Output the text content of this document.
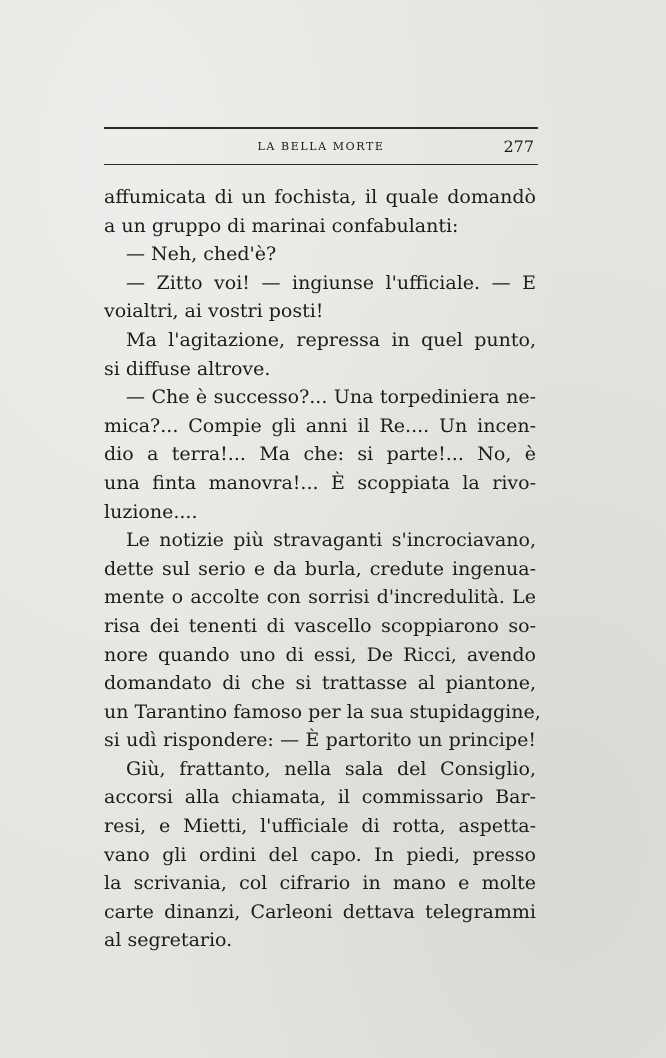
LA BELLA MORTE	277
affumicata di un fochista, il quale domandò
a un gruppo di marinai confabulanti:
— Neh, ched'è?
— Zitto voi! — ingiunse l'ufficiale. — E
voialtri, ai vostri posti!
Ma l'agitazione, repressa in quel punto,
si diffuse altrove.
— Che è successo?... Una torpediniera ne-
mica?... Compie gli anni il Re.... Un incen-
dio a terra!... Ma che: si parte!... No, è
una finta manovra!... È scoppiata la rivo-
luzione....
Le notizie più stravaganti s'incrociavano,
dette sul serio e da burla, credute ingenua-
mente o accolte con sorrisi d'incredulità. Le
risa dei tenenti di vascello scoppiarono so-
nore quando uno di essi, De Ricci, avendo
domandato di che si trattasse al piantone,
un Tarantino famoso per la sua stupidaggine,
si udì rispondere: — È partorito un principe!
Giù, frattanto, nella sala del Consiglio,
accorsi alla chiamata, il commissario Bar-
resi, e Mietti, l'ufficiale di rotta, aspetta-
vano gli ordini del capo. In piedi, presso
la scrivania, col cifrario in mano e molte
carte dinanzi, Carleoni dettava telegrammi
al segretario.
